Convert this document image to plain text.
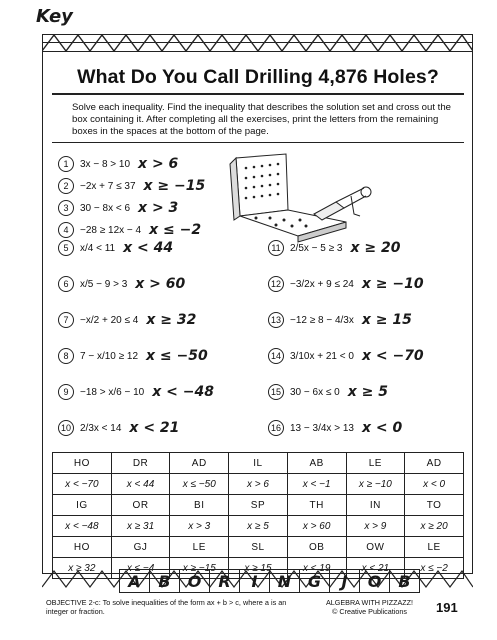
Key
What Do You Call Drilling 4,876 Holes?
Solve each inequality. Find the inequality that describes the solution set and cross out the box containing it. After completing all the exercises, print the letters from the remaining boxes in the spaces at the bottom of the page.
1	3x − 8 > 10 x > 6
2	−2x + 7 ≤ 37 x ≥ −15
3	30 − 8x < 6 x > 3
4	−28 ≥ 12x − 4 x ≤ −2
5	x/4 < 11 x < 44
6	x/5 − 9 > 3 x > 60
7	−x/2 + 20 ≤ 4 x ≥ 32
8	7 − x/10 ≥ 12 x ≤ −50
9	−18 > x/6 − 10 x < −48
10 2/3x < 14 x < 21
11 2/5x − 5 ≥ 3 x ≥ 20
12 −3/2x + 9 ≤ 24 x ≥ −10
13 −12 ≥ 8 − 4/3x x ≥ 15
14 3/10x + 21 < 0 x < −70
15 30 − 6x ≤ 0 x ≥ 5
16 13 − 3/4x > 13 x < 0
HO	DR	AD	IL	AB	LE	AD
x < −70	x < 44	x ≤ −50	x > 6	x < −1	x ≥ −10	x < 0
IG	OR	BI	SP	TH	IN	TO
x < −48	x ≥ 31	x > 3	x ≥ 5	x > 60	x > 9	x ≥ 20
HO	GJ	LE	SL	OB	OW	LE
x ≥ 32	x ≤ −4	x ≥ −15	x ≥ 15	x < 19	x < 21	x ≤ −2
A	B	O	R	I	N	G	J	O	B
OBJECTIVE 2-c: To solve inequalities of the form ax + b > c, where a is an integer or fraction.
ALGEBRA WITH PIZZAZZ!
© Creative Publications	191
